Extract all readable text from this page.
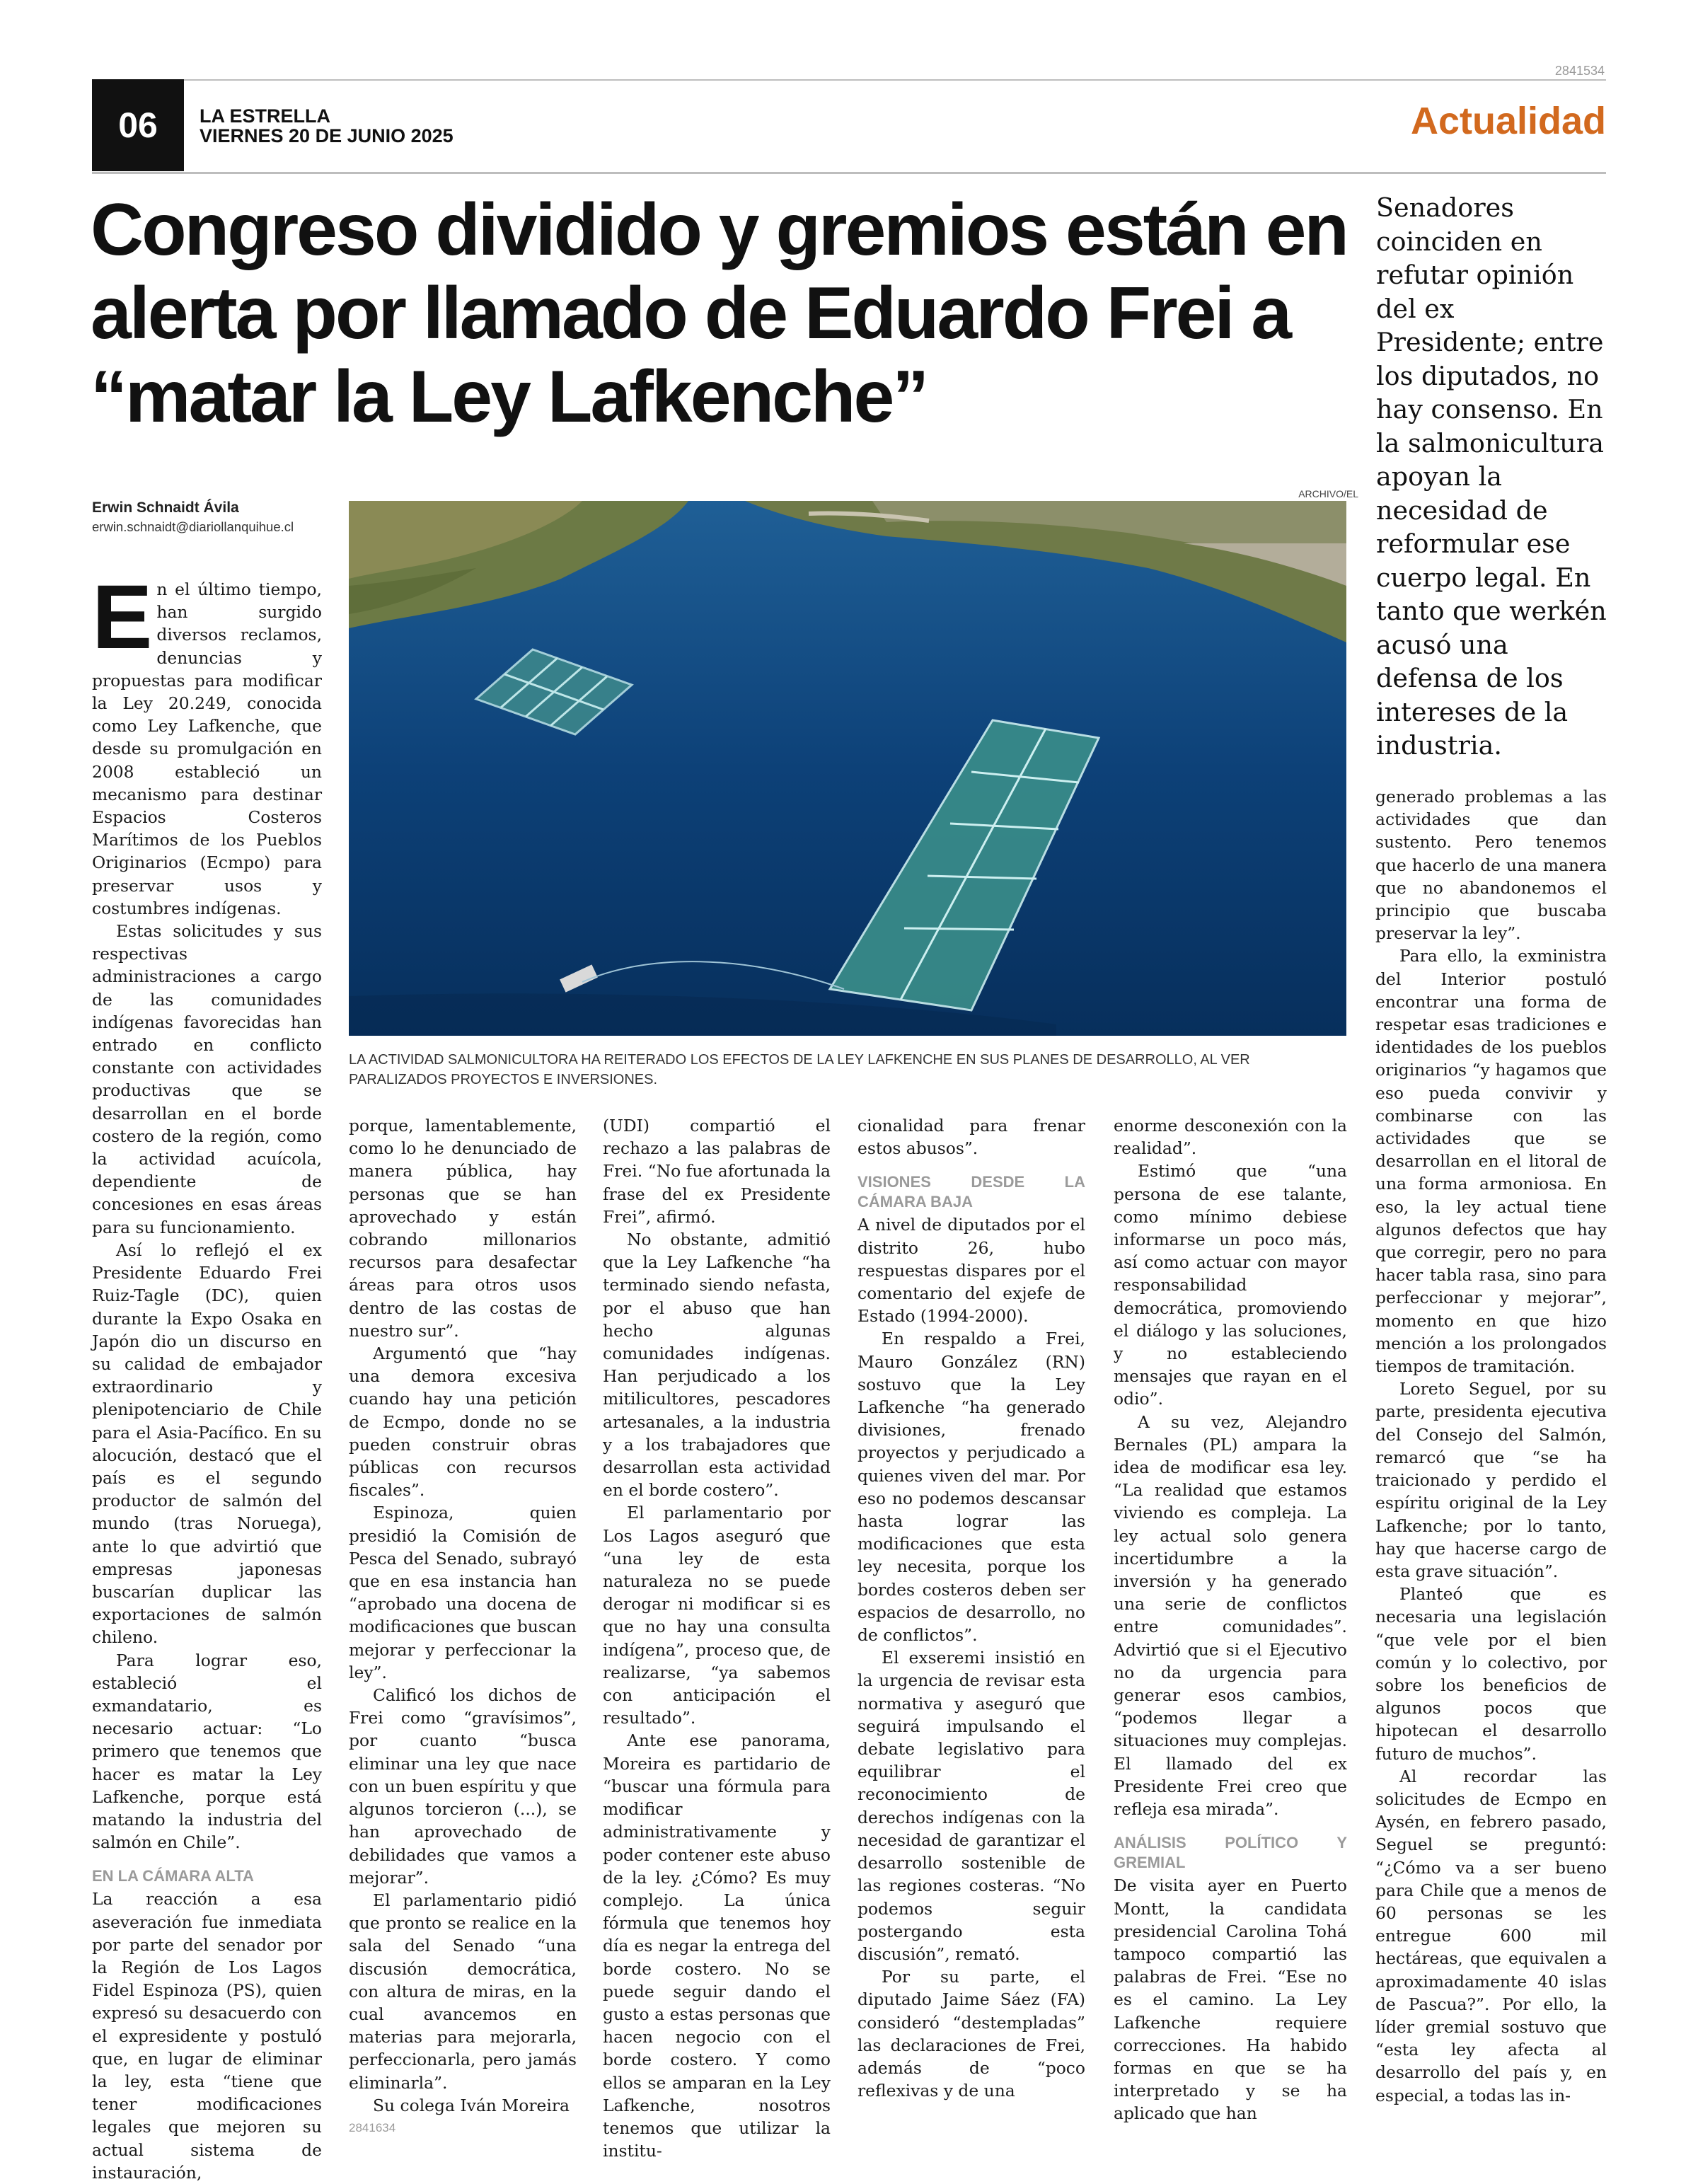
2841534
06	LA ESTRELLA
VIERNES 20 DE JUNIO 2025	Actualidad
Congreso dividido y gremios están en alerta por llamado de Eduardo Frei a “matar la Ley Lafkenche”
Senadores coinciden en refutar opinión del ex Presidente; entre los diputados, no hay consenso. En la salmonicultura apoyan la necesidad de reformular ese cuerpo legal. En tanto que werkén acusó una defensa de los intereses de la industria.
Erwin Schnaidt Ávila
erwin.schnaidt@diariollanquihue.cl
ARCHIVO/EL
LA ACTIVIDAD SALMONICULTORA HA REITERADO LOS EFECTOS DE LA LEY LAFKENCHE EN SUS PLANES DE DESARROLLO, AL VER PARALIZADOS PROYECTOS E INVERSIONES.

En el último tiempo, han surgido diversos reclamos, denuncias y propuestas para modificar la Ley 20.249, conocida como Ley Lafkenche, que desde su promulgación en 2008 estableció un mecanismo para destinar Espacios Costeros Marítimos de los Pueblos Originarios (Ecmpo) para preservar usos y costumbres indígenas.

Estas solicitudes y sus respectivas administraciones a cargo de las comunidades indígenas favorecidas han entrado en conflicto constante con actividades productivas que se desarrollan en el borde costero de la región, como la actividad acuícola, dependiente de concesiones en esas áreas para su funcionamiento.

Así lo reflejó el ex Presidente Eduardo Frei Ruiz-Tagle (DC), quien durante la Expo Osaka en Japón dio un discurso en su calidad de embajador extraordinario y plenipotenciario de Chile para el Asia-Pacífico. En su alocución, destacó que el país es el segundo productor de salmón del mundo (tras Noruega), ante lo que advirtió que empresas japonesas buscarían duplicar las exportaciones de salmón chileno.

Para lograr eso, estableció el exmandatario, es necesario actuar: “Lo primero que tenemos que hacer es matar la Ley Lafkenche, porque está matando la industria del salmón en Chile”.

EN LA CÁMARA ALTA

La reacción a esa aseveración fue inmediata por parte del senador por la Región de Los Lagos Fidel Espinoza (PS), quien expresó su desacuerdo con el expresidente y postuló que, en lugar de eliminar la ley, esta “tiene que tener modificaciones legales que mejoren su actual sistema de instauración,

porque, lamentablemente, como lo he denunciado de manera pública, hay personas que se han aprovechado y están cobrando millonarios recursos para desafectar áreas para otros usos dentro de las costas de nuestro sur”.

Argumentó que “hay una demora excesiva cuando hay una petición de Ecmpo, donde no se pueden construir obras públicas con recursos fiscales”.

Espinoza, quien presidió la Comisión de Pesca del Senado, subrayó que en esa instancia han “aprobado una docena de modificaciones que buscan mejorar y perfeccionar la ley”.

Calificó los dichos de Frei como “gravísimos”, por cuanto “busca eliminar una ley que nace con un buen espíritu y que algunos torcieron (...), se han aprovechado de debilidades que vamos a mejorar”.

El parlamentario pidió que pronto se realice en la sala del Senado “una discusión democrática, con altura de miras, en la cual avancemos en materias para mejorarla, perfeccionarla, pero jamás eliminarla”.

Su colega Iván Moreira

2841634

(UDI) compartió el rechazo a las palabras de Frei. “No fue afortunada la frase del ex Presidente Frei”, afirmó.

No obstante, admitió que la Ley Lafkenche “ha terminado siendo nefasta, por el abuso que han hecho algunas comunidades indígenas. Han perjudicado a los mitilicultores, pescadores artesanales, a la industria y a los trabajadores que desarrollan esta actividad en el borde costero”.

El parlamentario por Los Lagos aseguró que “una ley de esta naturaleza no se puede derogar ni modificar si es que no hay una consulta indígena”, proceso que, de realizarse, “ya sabemos con anticipación el resultado”.

Ante ese panorama, Moreira es partidario de “buscar una fórmula para modificar administrativamente y poder contener este abuso de la ley. ¿Cómo? Es muy complejo. La única fórmula que tenemos hoy día es negar la entrega del borde costero. No se puede seguir dando el gusto a estas personas que hacen negocio con el borde costero. Y como ellos se amparan en la Ley Lafkenche, nosotros tenemos que utilizar la institu-

cionalidad para frenar estos abusos”.

VISIONES DESDE LA CÁMARA BAJA

A nivel de diputados por el distrito 26, hubo respuestas dispares por el comentario del exjefe de Estado (1994-2000).

En respaldo a Frei, Mauro González (RN) sostuvo que la Ley Lafkenche “ha generado divisiones, frenado proyectos y perjudicado a quienes viven del mar. Por eso no podemos descansar hasta lograr las modificaciones que esta ley necesita, porque los bordes costeros deben ser espacios de desarrollo, no de conflictos”.

El exseremi insistió en la urgencia de revisar esta normativa y aseguró que seguirá impulsando el debate legislativo para equilibrar el reconocimiento de derechos indígenas con la necesidad de garantizar el desarrollo sostenible de las regiones costeras. “No podemos seguir postergando esta discusión”, remató.

Por su parte, el diputado Jaime Sáez (FA) consideró “destempladas” las declaraciones de Frei, además de “poco reflexivas y de una

enorme desconexión con la realidad”.

Estimó que “una persona de ese talante, como mínimo debiese informarse un poco más, así como actuar con mayor responsabilidad democrática, promoviendo el diálogo y las soluciones, y no estableciendo mensajes que rayan en el odio”.

A su vez, Alejandro Bernales (PL) ampara la idea de modificar esa ley. “La realidad que estamos viviendo es compleja. La ley actual solo genera incertidumbre a la inversión y ha generado una serie de conflictos entre comunidades”. Advirtió que si el Ejecutivo no da urgencia para generar esos cambios, “podemos llegar a situaciones muy complejas. El llamado del ex Presidente Frei creo que refleja esa mirada”.

ANÁLISIS POLÍTICO Y GREMIAL

De visita ayer en Puerto Montt, la candidata presidencial Carolina Tohá tampoco compartió las palabras de Frei. “Ese no es el camino. La Ley Lafkenche requiere correcciones. Ha habido formas en que se ha interpretado y se ha aplicado que han

generado problemas a las actividades que dan sustento. Pero tenemos que hacerlo de una manera que no abandonemos el principio que buscaba preservar la ley”.

Para ello, la exministra del Interior postuló encontrar una forma de respetar esas tradiciones e identidades de los pueblos originarios “y hagamos que eso pueda convivir y combinarse con las actividades que se desarrollan en el litoral de una forma armoniosa. En eso, la ley actual tiene algunos defectos que hay que corregir, pero no para hacer tabla rasa, sino para perfeccionar y mejorar”, momento en que hizo mención a los prolongados tiempos de tramitación.

Loreto Seguel, por su parte, presidenta ejecutiva del Consejo del Salmón, remarcó que “se ha traicionado y perdido el espíritu original de la Ley Lafkenche; por lo tanto, hay que hacerse cargo de esta grave situación”.

Planteó que es necesaria una legislación “que vele por el bien común y lo colectivo, por sobre los beneficios de algunos pocos que hipotecan el desarrollo futuro de muchos”.

Al recordar las solicitudes de Ecmpo en Aysén, en febrero pasado, Seguel se preguntó: “¿Cómo va a ser bueno para Chile que a menos de 60 personas se les entregue 600 mil hectáreas, que equivalen a aproximadamente 40 islas de Pascua?”. Por ello, la líder gremial sostuvo que “esta ley afecta al desarrollo del país y, en especial, a todas las in-
